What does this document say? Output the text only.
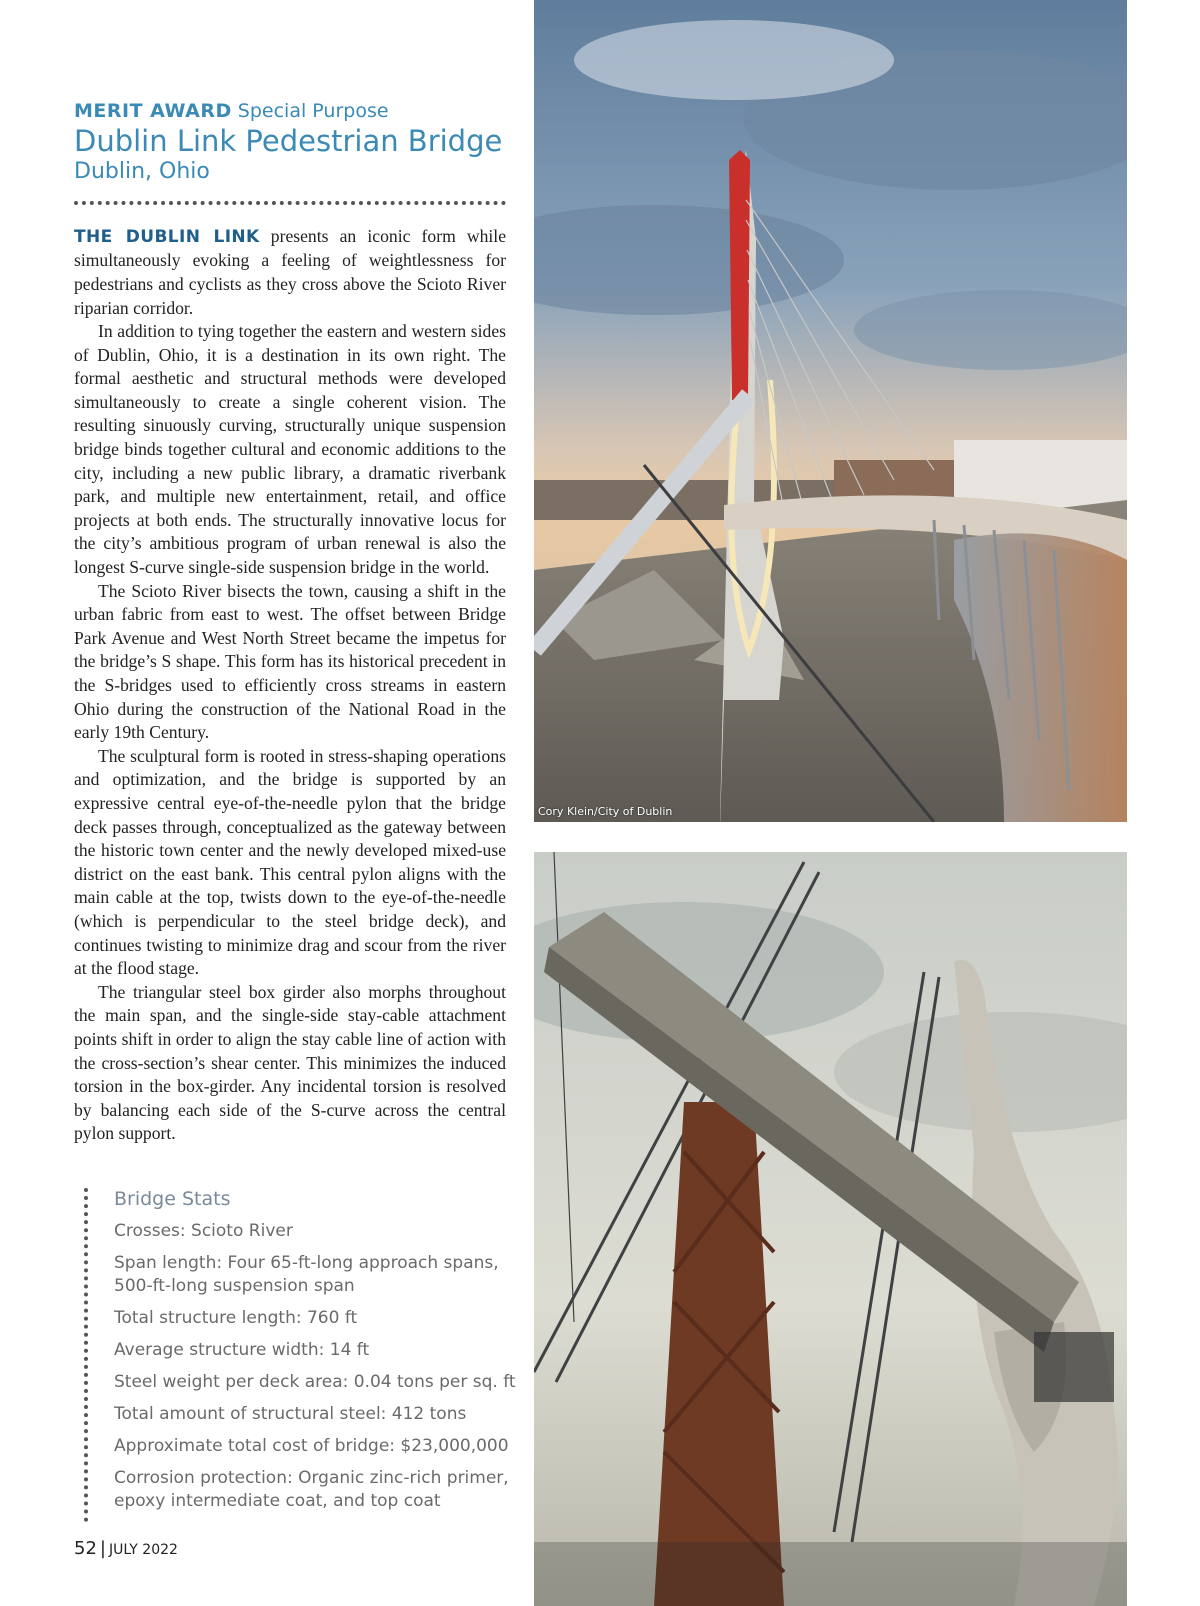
MERIT AWARD Special Purpose
Dublin Link Pedestrian Bridge
Dublin, Ohio

THE DUBLIN LINK presents an iconic form while simultaneously evoking a feeling of weightlessness for pedestrians and cyclists as they cross above the Scioto River riparian corridor.

In addition to tying together the eastern and western sides of Dublin, Ohio, it is a destination in its own right. The formal aesthetic and structural methods were developed simultaneously to create a single coherent vision. The resulting sinuously curving, structurally unique suspension bridge binds together cultural and economic additions to the city, including a new public library, a dramatic riverbank park, and multiple new entertainment, retail, and office projects at both ends. The structurally innovative locus for the city’s ambitious program of urban renewal is also the longest S-curve single-side suspension bridge in the world.

The Scioto River bisects the town, causing a shift in the urban fabric from east to west. The offset between Bridge Park Avenue and West North Street became the impetus for the bridge’s S shape. This form has its historical precedent in the S-bridges used to efficiently cross streams in eastern Ohio during the construction of the National Road in the early 19th Century.

The sculptural form is rooted in stress-shaping operations and optimization, and the bridge is supported by an expressive central eye-of-the-needle pylon that the bridge deck passes through, conceptualized as the gateway between the historic town center and the newly developed mixed-use district on the east bank. This central pylon aligns with the main cable at the top, twists down to the eye-of-the-needle (which is perpendicular to the steel bridge deck), and continues twisting to minimize drag and scour from the river at the flood stage.

The triangular steel box girder also morphs throughout the main span, and the single-side stay-cable attachment points shift in order to align the stay cable line of action with the cross-section’s shear center. This minimizes the induced torsion in the box-girder. Any incidental torsion is resolved by balancing each side of the S-curve across the central pylon support.

Bridge Stats
Crosses: Scioto River
Span length: Four 65-ft-long approach spans, 500-ft-long suspension span
Total structure length: 760 ft
Average structure width: 14 ft
Steel weight per deck area: 0.04 tons per sq. ft
Total amount of structural steel: 412 tons
Approximate total cost of bridge: $23,000,000
Corrosion protection: Organic zinc-rich primer, epoxy intermediate coat, and top coat
52 | JULY 2022
Cory Klein/City of Dublin
